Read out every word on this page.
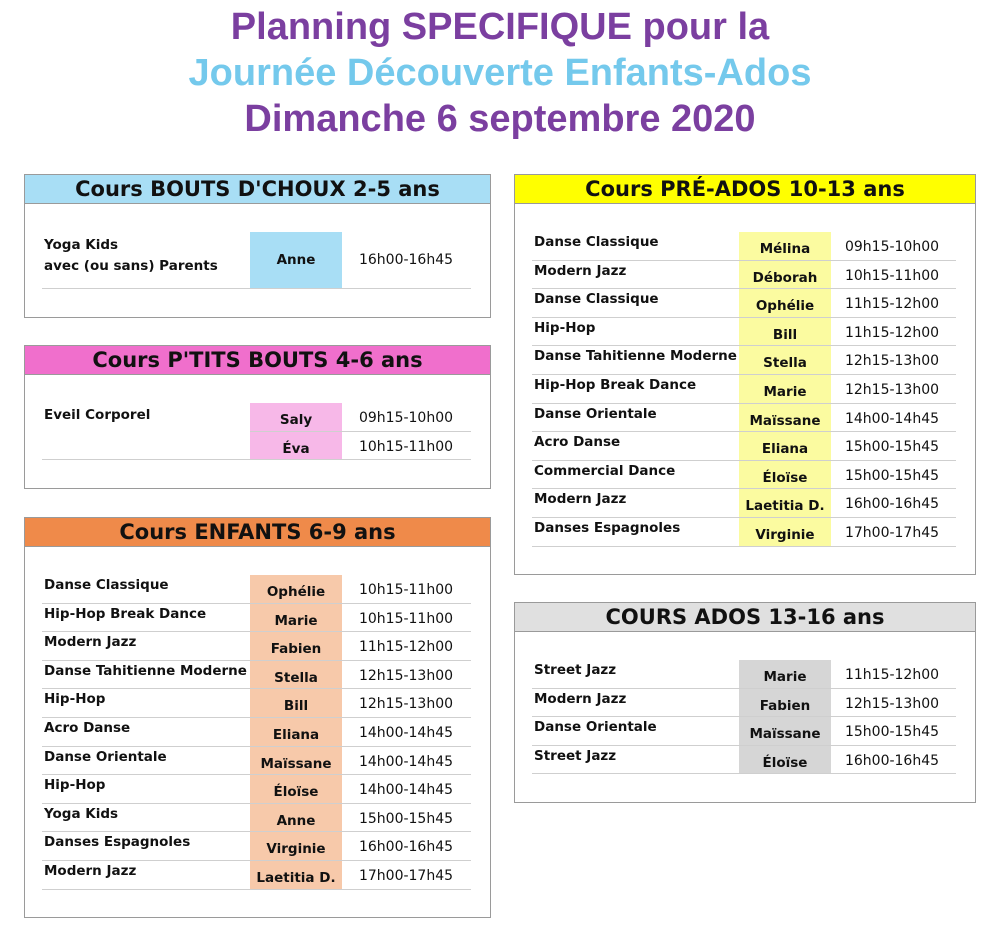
Planning SPECIFIQUE pour la
Journée Découverte Enfants-Ados
Dimanche 6 septembre 2020
Cours BOUTS D'CHOUX 2-5 ans
Yoga Kids
avec (ou sans) Parents	Anne	16h00-16h45
Cours P'TITS BOUTS 4-6 ans
Eveil Corporel	Saly	09h15-10h00
Éva	10h15-11h00
Cours ENFANTS 6-9 ans
Danse Classique	Ophélie	10h15-11h00
Hip-Hop Break Dance	Marie	10h15-11h00
Modern Jazz	Fabien	11h15-12h00
Danse Tahitienne Moderne	Stella	12h15-13h00
Hip-Hop	Bill	12h15-13h00
Acro Danse	Eliana	14h00-14h45
Danse Orientale	Maïssane	14h00-14h45
Hip-Hop	Éloïse	14h00-14h45
Yoga Kids	Anne	15h00-15h45
Danses Espagnoles	Virginie	16h00-16h45
Modern Jazz	Laetitia D.	17h00-17h45
Cours PRÉ-ADOS 10-13 ans
Danse Classique	Mélina	09h15-10h00
Modern Jazz	Déborah	10h15-11h00
Danse Classique	Ophélie	11h15-12h00
Hip-Hop	Bill	11h15-12h00
Danse Tahitienne Moderne	Stella	12h15-13h00
Hip-Hop Break Dance	Marie	12h15-13h00
Danse Orientale	Maïssane	14h00-14h45
Acro Danse	Eliana	15h00-15h45
Commercial Dance	Éloïse	15h00-15h45
Modern Jazz	Laetitia D.	16h00-16h45
Danses Espagnoles	Virginie	17h00-17h45
COURS ADOS 13-16 ans
Street Jazz	Marie	11h15-12h00
Modern Jazz	Fabien	12h15-13h00
Danse Orientale	Maïssane	15h00-15h45
Street Jazz	Éloïse	16h00-16h45
